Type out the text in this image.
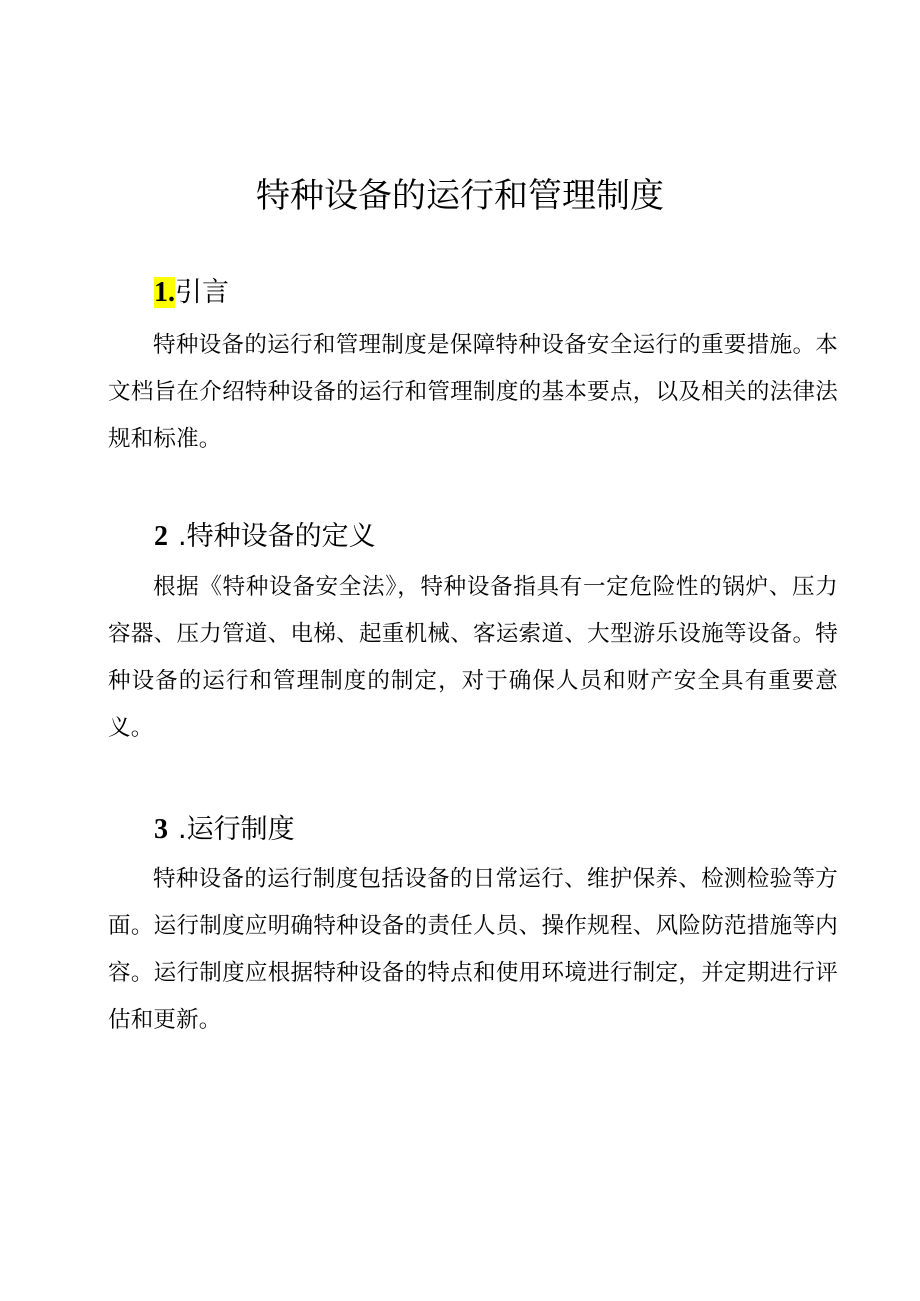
特种设备的运行和管理制度
1.引言

特种设备的运行和管理制度是保障特种设备安全运行的重要措施。本文档旨在介绍特种设备的运行和管理制度的基本要点，以及相关的法律法规和标准。

2 .特种设备的定义

根据《特种设备安全法》，特种设备指具有一定危险性的锅炉、压力容器、压力管道、电梯、起重机械、客运索道、大型游乐设施等设备。特种设备的运行和管理制度的制定，对于确保人员和财产安全具有重要意义。

3 .运行制度

特种设备的运行制度包括设备的日常运行、维护保养、检测检验等方面。运行制度应明确特种设备的责任人员、操作规程、风险防范措施等内容。运行制度应根据特种设备的特点和使用环境进行制定，并定期进行评估和更新。
